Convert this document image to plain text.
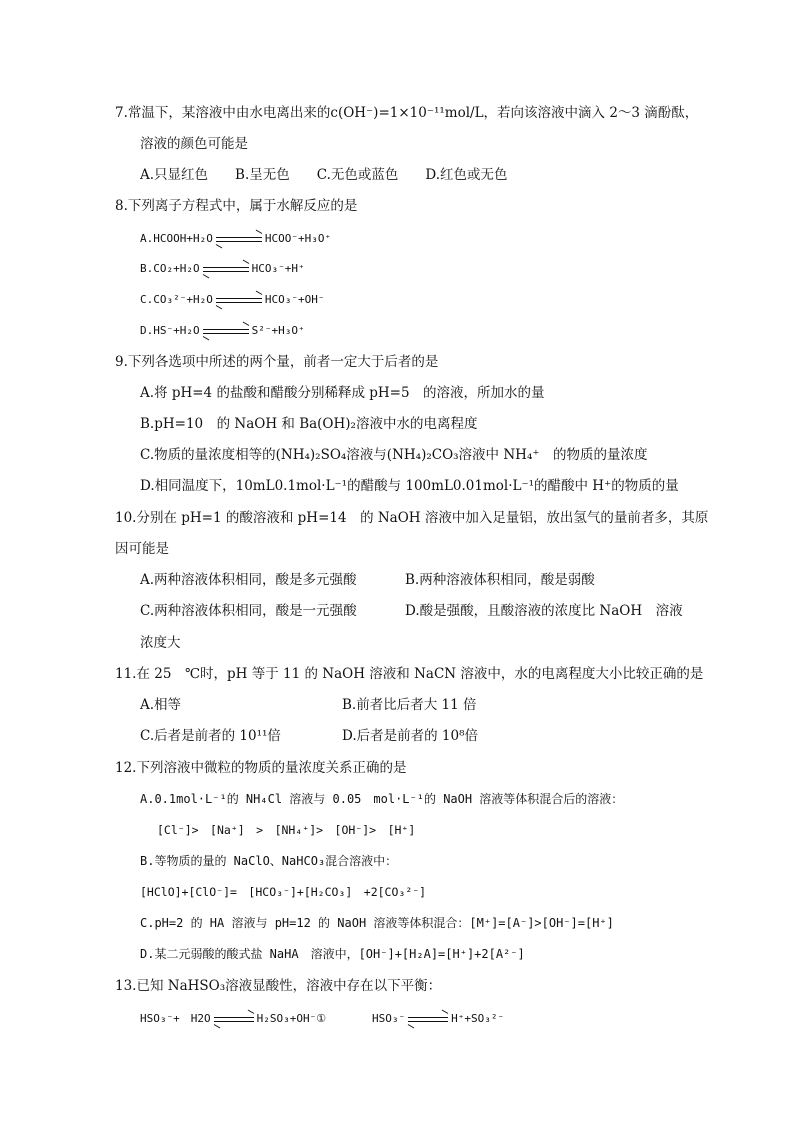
7.常温下，某溶液中由水电离出来的c(OH⁻)=1×10⁻¹¹mol/L，若向该溶液中滴入 2～3 滴酚酞，
溶液的颜色可能是
A.只显红色　　B.呈无色　　C.无色或蓝色　　D.红色或无色
8.下列离子方程式中，属于水解反应的是
A.HCOOH+H₂O	HCOO⁻+H₃O⁺
B.CO₂+H₂O	HCO₃⁻+H⁺
C.CO₃²⁻+H₂O	HCO₃⁻+OH⁻
D.HS⁻+H₂O	S²⁻+H₃O⁺
9.下列各选项中所述的两个量，前者一定大于后者的是
A.将 pH=4 的盐酸和醋酸分别稀释成 pH=5　的溶液，所加水的量
B.pH=10　的 NaOH 和 Ba(OH)₂溶液中水的电离程度
C.物质的量浓度相等的(NH₄)₂SO₄溶液与(NH₄)₂CO₃溶液中 NH₄⁺　的物质的量浓度
D.相同温度下，10mL0.1mol·L⁻¹的醋酸与 100mL0.01mol·L⁻¹的醋酸中 H⁺的物质的量
10.分别在 pH=1 的酸溶液和 pH=14　的 NaOH 溶液中加入足量铝，放出氢气的量前者多，其原
因可能是
A.两种溶液体积相同，酸是多元强酸	B.两种溶液体积相同，酸是弱酸
C.两种溶液体积相同，酸是一元强酸	D.酸是强酸，且酸溶液的浓度比 NaOH　溶液
浓度大
11.在 25　℃时，pH 等于 11 的 NaOH 溶液和 NaCN 溶液中，水的电离程度大小比较正确的是
A.相等	B.前者比后者大 11 倍
C.后者是前者的 10¹¹倍	D.后者是前者的 10⁸倍
12.下列溶液中微粒的物质的量浓度关系正确的是
A.0.1mol·L⁻¹的 NH₄Cl 溶液与 0.05　mol·L⁻¹的 NaOH 溶液等体积混合后的溶液：
[Cl⁻]>　[Na⁺]　>　[NH₄⁺]>　[OH⁻]>　[H⁺]
B.等物质的量的 NaClO、NaHCO₃混合溶液中：
[HClO]+[ClO⁻]=　[HCO₃⁻]+[H₂CO₃]　+2[CO₃²⁻]
C.pH=2 的 HA 溶液与 pH=12 的 NaOH 溶液等体积混合：[M⁺]=[A⁻]>[OH⁻]=[H⁺]
D.某二元弱酸的酸式盐 NaHA　溶液中，[OH⁻]+[H₂A]=[H⁺]+2[A²⁻]
13.已知 NaHSO₃溶液显酸性，溶液中存在以下平衡：
HSO₃⁻+　H2O	H₂SO₃+OH⁻①	HSO₃⁻	H⁺+SO₃²⁻
